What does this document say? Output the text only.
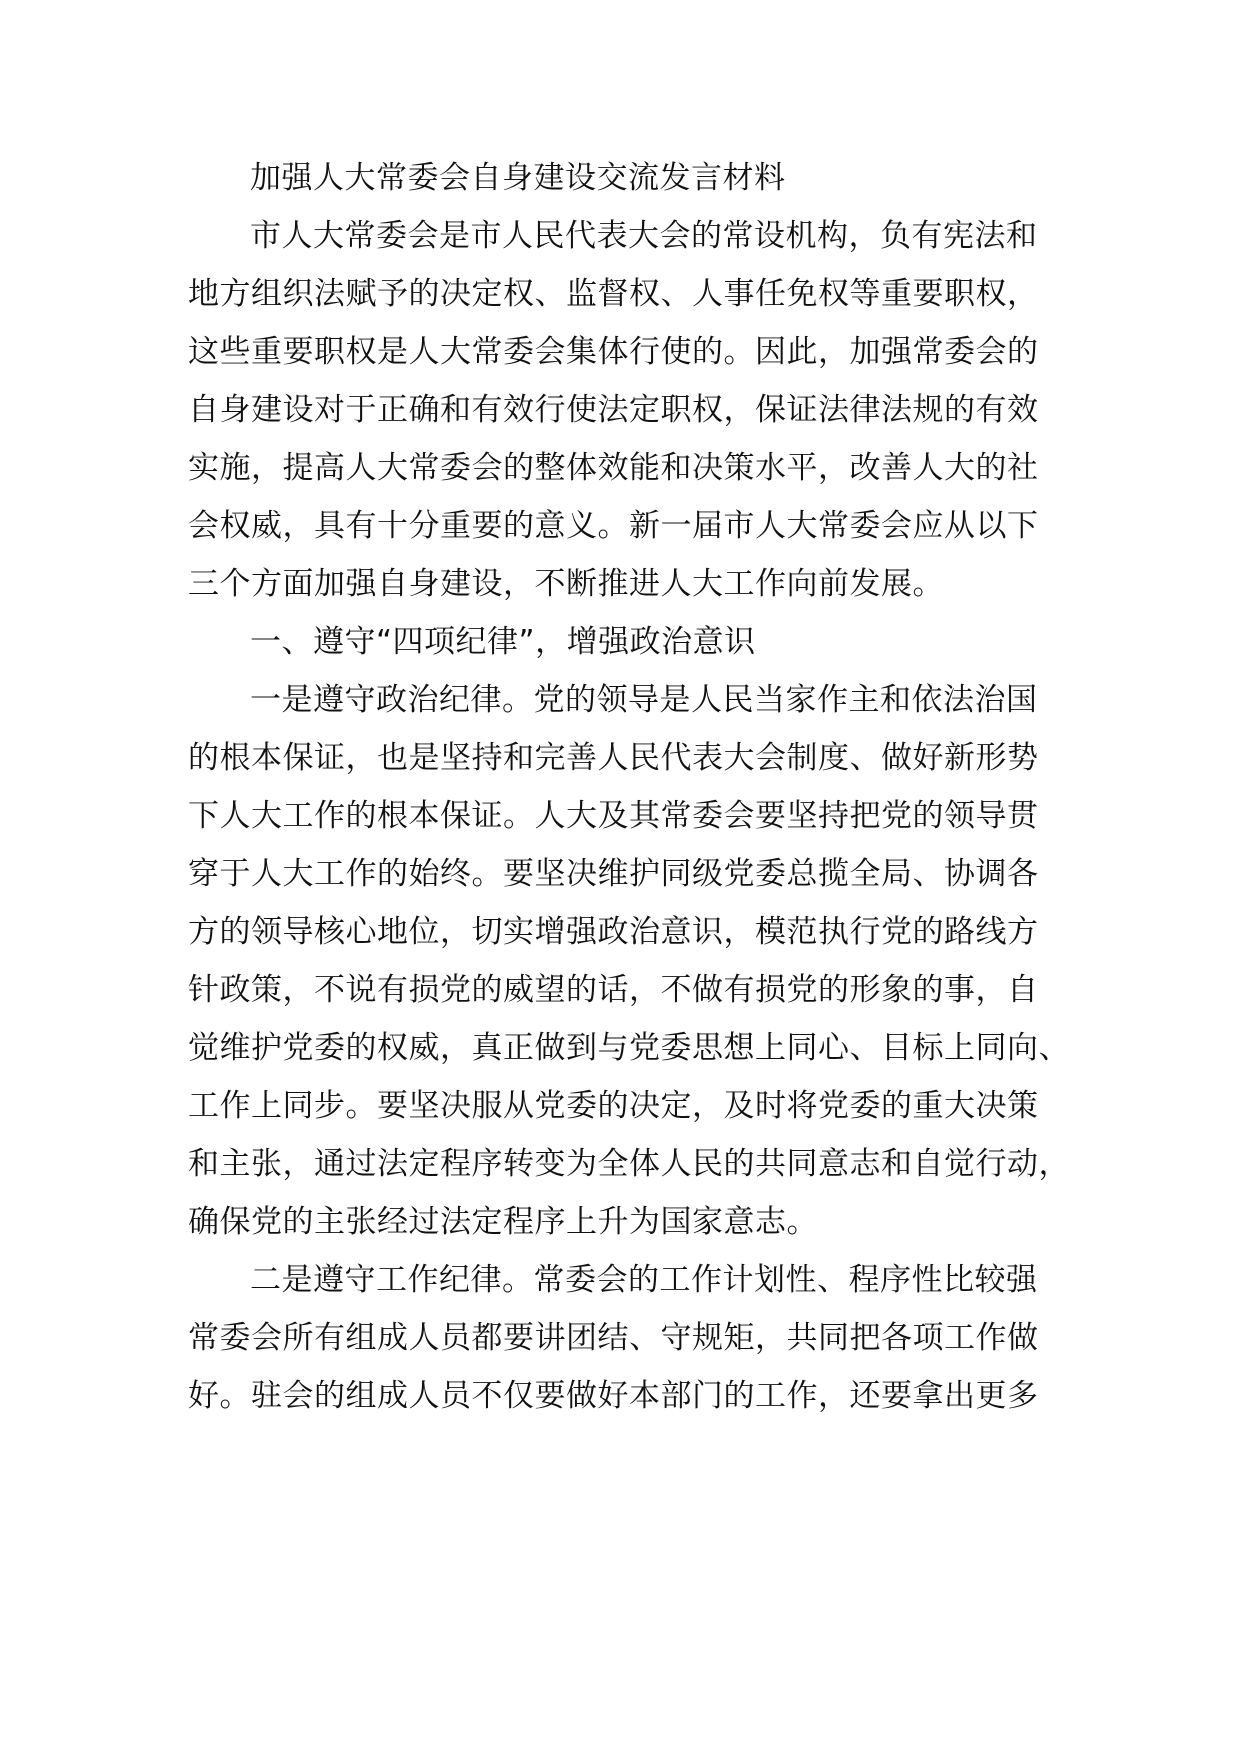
加强人大常委会自身建设交流发言材料

市人大常委会是市人民代表大会的常设机构，负有宪法和

地方组织法赋予的决定权、监督权、人事任免权等重要职权，

这些重要职权是人大常委会集体行使的。因此，加强常委会的

自身建设对于正确和有效行使法定职权，保证法律法规的有效

实施，提高人大常委会的整体效能和决策水平，改善人大的社

会权威，具有十分重要的意义。新一届市人大常委会应从以下

三个方面加强自身建设，不断推进人大工作向前发展。

一、遵守“四项纪律”，增强政治意识

一是遵守政治纪律。党的领导是人民当家作主和依法治国

的根本保证，也是坚持和完善人民代表大会制度、做好新形势

下人大工作的根本保证。人大及其常委会要坚持把党的领导贯

穿于人大工作的始终。要坚决维护同级党委总揽全局、协调各

方的领导核心地位，切实增强政治意识，模范执行党的路线方

针政策，不说有损党的威望的话，不做有损党的形象的事，自

觉维护党委的权威，真正做到与党委思想上同心、目标上同向、

工作上同步。要坚决服从党委的决定，及时将党委的重大决策

和主张，通过法定程序转变为全体人民的共同意志和自觉行动，

确保党的主张经过法定程序上升为国家意志。

二是遵守工作纪律。常委会的工作计划性、程序性比较强

常委会所有组成人员都要讲团结、守规矩，共同把各项工作做

好。驻会的组成人员不仅要做好本部门的工作，还要拿出更多
